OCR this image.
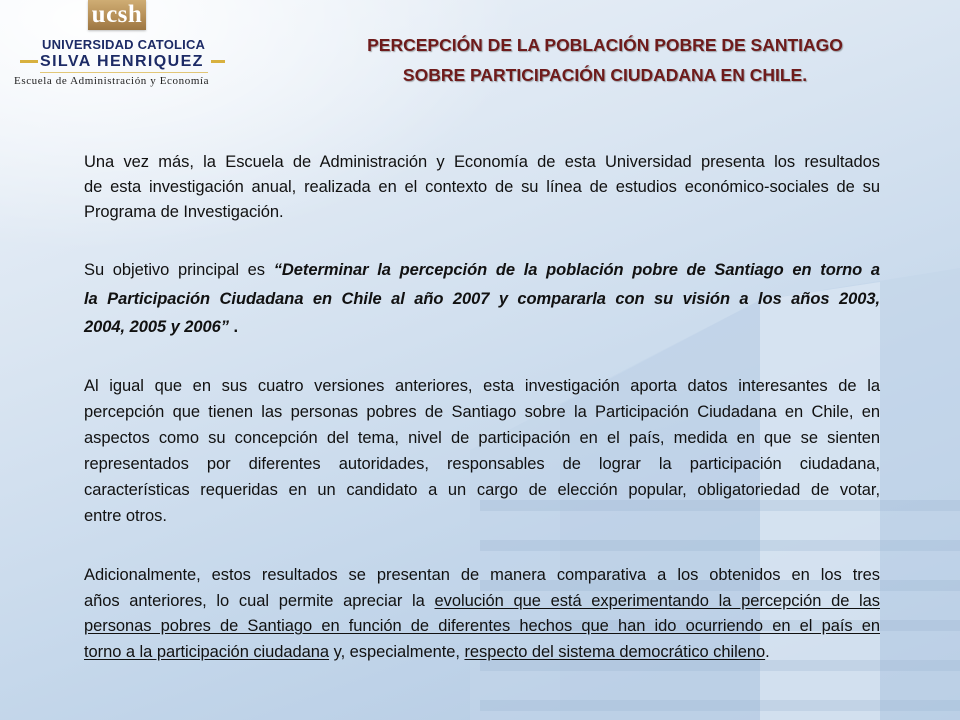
ucsh
UNIVERSIDAD CATOLICA
SILVA HENRIQUEZ
Escuela de Administración y Economía
PERCEPCIÓN DE LA POBLACIÓN POBRE DE SANTIAGO
SOBRE PARTICIPACIÓN CIUDADANA EN CHILE.
Una vez más, la Escuela de Administración y Economía de esta Universidad presenta los resultados
de esta investigación anual, realizada en el contexto de su línea de estudios económico-sociales de su
Programa de Investigación.
Su objetivo principal es “Determinar la percepción de la población pobre de Santiago en torno a
la Participación Ciudadana en Chile al año 2007 y compararla con su visión a los años 2003,
2004, 2005 y 2006” .
Al igual que en sus cuatro versiones anteriores, esta investigación aporta datos interesantes de la
percepción que tienen las personas pobres de Santiago sobre la Participación Ciudadana en Chile, en
aspectos como su concepción del tema, nivel de participación en el país, medida en que se sienten
representados por diferentes autoridades, responsables de lograr la participación ciudadana,
características requeridas en un candidato a un cargo de elección popular, obligatoriedad de votar,
entre otros.
Adicionalmente, estos resultados se presentan de manera comparativa a los obtenidos en los tres
años anteriores, lo cual permite apreciar la evolución que está experimentando la percepción de las
personas pobres de Santiago en función de diferentes hechos que han ido ocurriendo en el país en
torno a la participación ciudadana y, especialmente, respecto del sistema democrático chileno.
